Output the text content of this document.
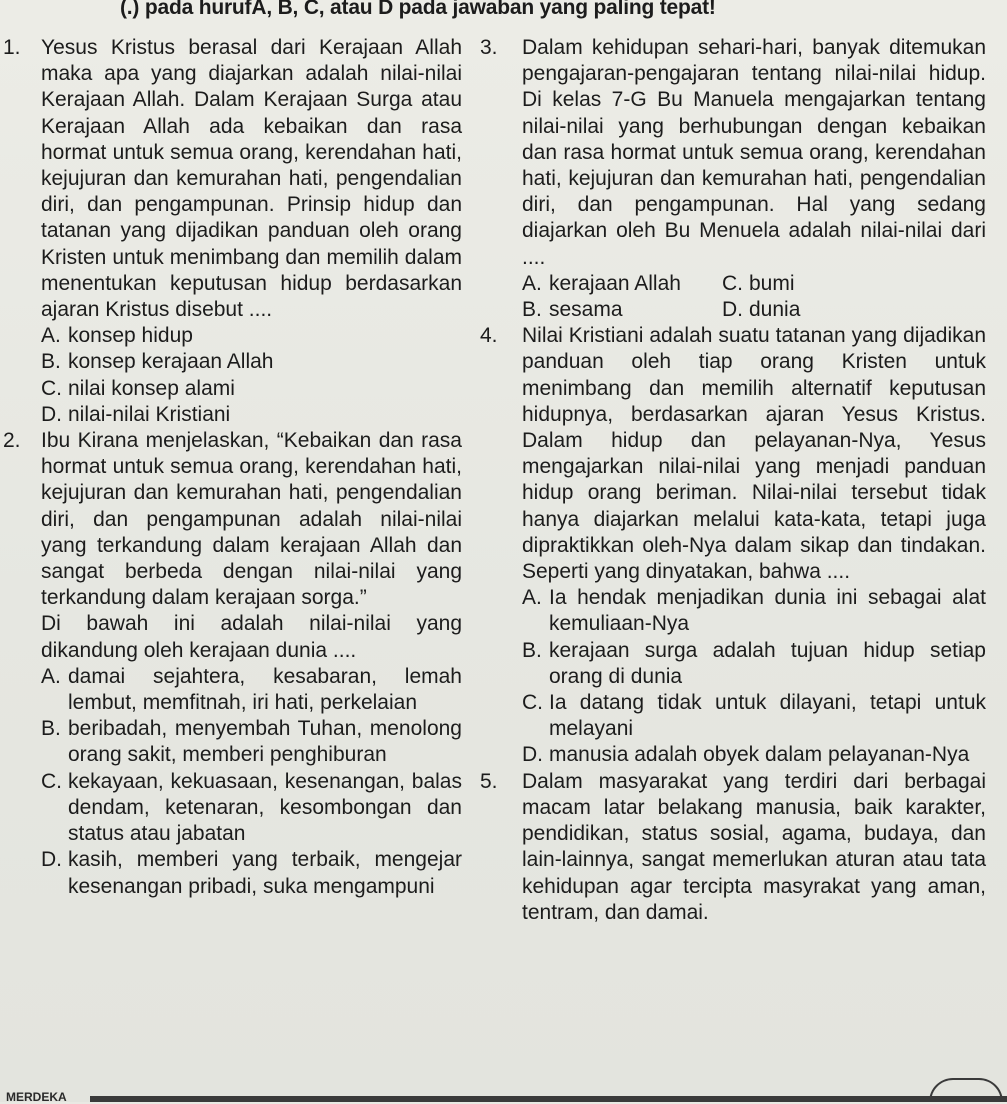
(.) pada hurufA, B, C, atau D pada jawaban yang paling tepat!
1. Yesus Kristus berasal dari Kerajaan Allah maka apa yang diajarkan adalah nilai-nilai Kerajaan Allah. Dalam Kerajaan Surga atau Kerajaan Allah ada kebaikan dan rasa hormat untuk semua orang, kerendahan hati, kejujuran dan kemurahan hati, pengendalian diri, dan pengampunan. Prinsip hidup dan tatanan yang dijadikan panduan oleh orang Kristen untuk menimbang dan memilih dalam menentukan keputusan hidup berdasarkan ajaran Kristus disebut ....
A. konsep hidup
B. konsep kerajaan Allah
C. nilai konsep alami
D. nilai-nilai Kristiani
2. Ibu Kirana menjelaskan, “Kebaikan dan rasa hormat untuk semua orang, kerendahan hati, kejujuran dan kemurahan hati, pengendalian diri, dan pengampunan adalah nilai-nilai yang terkandung dalam kerajaan Allah dan sangat berbeda dengan nilai-nilai yang terkandung dalam kerajaan sorga.”
Di bawah ini adalah nilai-nilai yang dikandung oleh kerajaan dunia ....
A. damai sejahtera, kesabaran, lemah lembut, memfitnah, iri hati, perkelaian
B. beribadah, menyembah Tuhan, menolong orang sakit, memberi penghiburan
C. kekayaan, kekuasaan, kesenangan, balas dendam, ketenaran, kesombongan dan status atau jabatan
D. kasih, memberi yang terbaik, mengejar kesenangan pribadi, suka mengampuni
3.	Dalam kehidupan sehari-hari, banyak ditemukan pengajaran-pengajaran tentang nilai-nilai hidup. Di kelas 7-G Bu Manuela mengajarkan tentang nilai-nilai yang berhubungan dengan kebaikan dan rasa hormat untuk semua orang, kerendahan hati, kejujuran dan kemurahan hati, pengendalian diri, dan pengampunan. Hal yang sedang diajarkan oleh Bu Menuela adalah nilai-nilai dari ....
A. kerajaan Allah	C. bumi
B. sesama	D. dunia
4.	Nilai Kristiani adalah suatu tatanan yang dijadikan panduan oleh tiap orang Kristen untuk menimbang dan memilih alternatif keputusan hidupnya, berdasarkan ajaran Yesus Kristus. Dalam hidup dan pelayanan-Nya, Yesus mengajarkan nilai-nilai yang menjadi panduan hidup orang beriman. Nilai-nilai tersebut tidak hanya diajarkan melalui kata-kata, tetapi juga dipraktikkan oleh-Nya dalam sikap dan tindakan. Seperti yang dinyatakan, bahwa ....
A. Ia hendak menjadikan dunia ini sebagai alat kemuliaan-Nya
B. kerajaan surga adalah tujuan hidup setiap orang di dunia
C. Ia datang tidak untuk dilayani, tetapi untuk melayani
D. manusia adalah obyek dalam pelayanan-Nya
5.	Dalam masyarakat yang terdiri dari berbagai macam latar belakang manusia, baik karakter, pendidikan, status sosial, agama, budaya, dan lain-lainnya, sangat memerlukan aturan atau tata kehidupan agar tercipta masyrakat yang aman, tentram, dan damai.
MERDEKA
